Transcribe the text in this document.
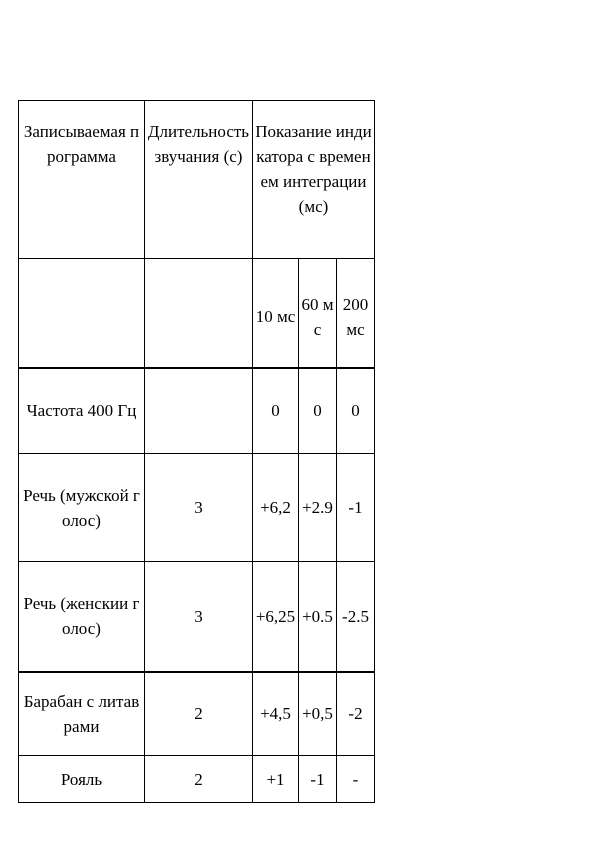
Записываемая программа	Длительность звучания (с)	Показание индикатора с временем интеграции (мс)		
		10 мс	60 мс	200 мс
Частота 400 Гц		0	0	0
Речь (мужской голос)	3	+6,2	+2.9	-1
Речь (женскии голос)	3	+6,25	+0.5	-2.5
Барабан с литаврами	2	+4,5	+0,5	-2
Рояль	2	+1	-1	-
